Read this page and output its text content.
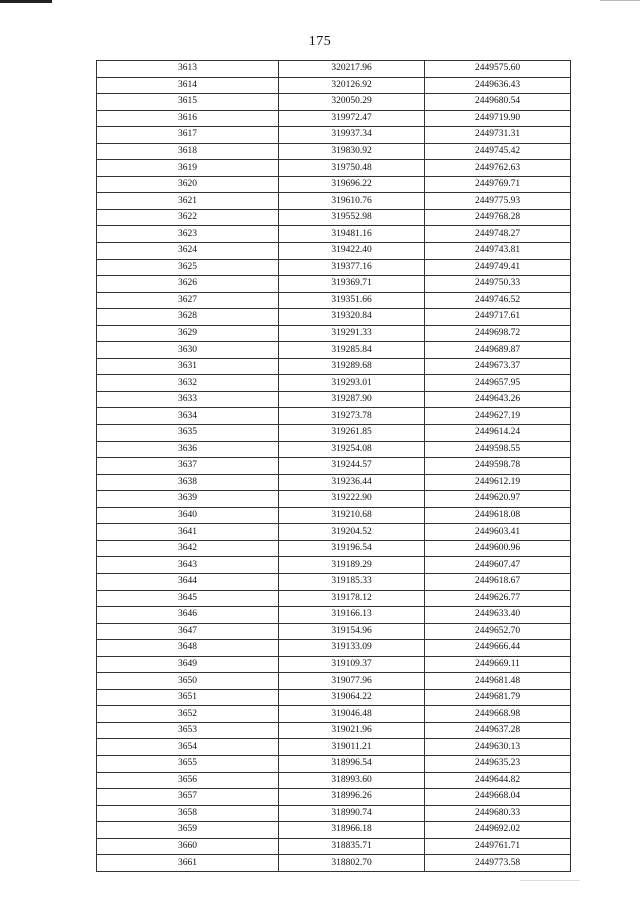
175
3613	320217.96	2449575.60
3614	320126.92	2449636.43
3615	320050.29	2449680.54
3616	319972.47	2449719.90
3617	319937.34	2449731.31
3618	319830.92	2449745.42
3619	319750.48	2449762.63
3620	319696.22	2449769.71
3621	319610.76	2449775.93
3622	319552.98	2449768.28
3623	319481.16	2449748.27
3624	319422.40	2449743.81
3625	319377.16	2449749.41
3626	319369.71	2449750.33
3627	319351.66	2449746.52
3628	319320.84	2449717.61
3629	319291.33	2449698.72
3630	319285.84	2449689.87
3631	319289.68	2449673.37
3632	319293.01	2449657.95
3633	319287.90	2449643.26
3634	319273.78	2449627.19
3635	319261.85	2449614.24
3636	319254.08	2449598.55
3637	319244.57	2449598.78
3638	319236.44	2449612.19
3639	319222.90	2449620.97
3640	319210.68	2449618.08
3641	319204.52	2449603.41
3642	319196.54	2449600.96
3643	319189.29	2449607.47
3644	319185.33	2449618.67
3645	319178.12	2449626.77
3646	319166.13	2449633.40
3647	319154.96	2449652.70
3648	319133.09	2449666.44
3649	319109.37	2449669.11
3650	319077.96	2449681.48
3651	319064.22	2449681.79
3652	319046.48	2449668.98
3653	319021.96	2449637.28
3654	319011.21	2449630.13
3655	318996.54	2449635.23
3656	318993.60	2449644.82
3657	318996.26	2449668.04
3658	318990.74	2449680.33
3659	318966.18	2449692.02
3660	318835.71	2449761.71
3661	318802.70	2449773.58
